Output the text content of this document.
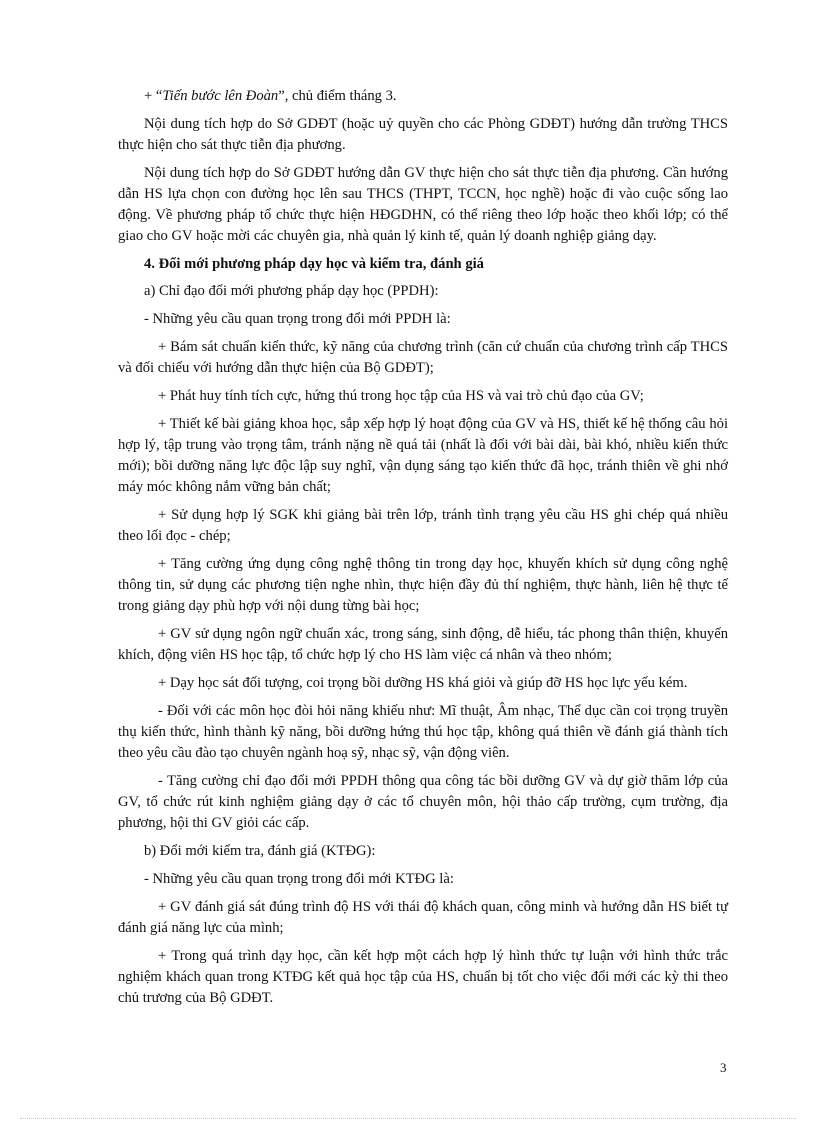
+ “Tiến bước lên Đoàn”, chủ điểm tháng 3.

Nội dung tích hợp do Sở GDĐT (hoặc uỷ quyền cho các Phòng GDĐT) hướng dẫn trường THCS thực hiện cho sát thực tiễn địa phương.

Nội dung tích hợp do Sở GDĐT hướng dẫn GV thực hiện cho sát thực tiễn địa phương. Cần hướng dẫn HS lựa chọn con đường học lên sau THCS (THPT, TCCN, học nghề) hoặc đi vào cuộc sống lao động. Về phương pháp tổ chức thực hiện HĐGDHN, có thể riêng theo lớp hoặc theo khối lớp; có thể giao cho GV hoặc mời các chuyên gia, nhà quản lý kinh tế, quản lý doanh nghiệp giảng dạy.

4. Đổi mới phương pháp dạy học và kiểm tra, đánh giá

a) Chỉ đạo đổi mới phương pháp dạy học (PPDH):

- Những yêu cầu quan trọng trong đổi mới PPDH là:

+ Bám sát chuẩn kiến thức, kỹ năng của chương trình (căn cứ chuẩn của chương trình cấp THCS và đối chiếu với hướng dẫn thực hiện của Bộ GDĐT);

+ Phát huy tính tích cực, hứng thú trong học tập của HS và vai trò chủ đạo của GV;

+ Thiết kế bài giảng khoa học, sắp xếp hợp lý hoạt động của GV và HS, thiết kế hệ thống câu hỏi hợp lý, tập trung vào trọng tâm, tránh nặng nề quá tải (nhất là đối với bài dài, bài khó, nhiều kiến thức mới); bồi dưỡng năng lực độc lập suy nghĩ, vận dụng sáng tạo kiến thức đã học, tránh thiên về ghi nhớ máy móc không nắm vững bản chất;

+ Sử dụng hợp lý SGK khi giảng bài trên lớp, tránh tình trạng yêu cầu HS ghi chép quá nhiều theo lối đọc - chép;

+ Tăng cường ứng dụng công nghệ thông tin trong dạy học, khuyến khích sử dụng công nghệ thông tin, sử dụng các phương tiện nghe nhìn, thực hiện đầy đủ thí nghiệm, thực hành, liên hệ thực tế trong giảng dạy phù hợp với nội dung từng bài học;

+ GV sử dụng ngôn ngữ chuẩn xác, trong sáng, sinh động, dễ hiểu, tác phong thân thiện, khuyến khích, động viên HS học tập, tổ chức hợp lý cho HS làm việc cá nhân và theo nhóm;

+ Dạy học sát đối tượng, coi trọng bồi dưỡng HS khá giỏi và giúp đỡ HS học lực yếu kém.

- Đối với các môn học đòi hỏi năng khiếu như: Mĩ thuật, Âm nhạc, Thể dục cần coi trọng truyền thụ kiến thức, hình thành kỹ năng, bồi dưỡng hứng thú học tập, không quá thiên về đánh giá thành tích theo yêu cầu đào tạo chuyên ngành hoạ sỹ, nhạc sỹ, vận động viên.

- Tăng cường chỉ đạo đổi mới PPDH thông qua công tác bồi dưỡng GV và dự giờ thăm lớp của GV, tổ chức rút kinh nghiệm giảng dạy ở các tổ chuyên môn, hội thảo cấp trường, cụm trường, địa phương, hội thi GV giỏi các cấp.

b) Đổi mới kiểm tra, đánh giá (KTĐG):

- Những yêu cầu quan trọng trong đổi mới KTĐG là:

+ GV đánh giá sát đúng trình độ HS với thái độ khách quan, công minh và hướng dẫn HS biết tự đánh giá năng lực của mình;

+ Trong quá trình dạy học, cần kết hợp một cách hợp lý hình thức tự luận với hình thức trắc nghiệm khách quan trong KTĐG kết quả học tập của HS, chuẩn bị tốt cho việc đổi mới các kỳ thi theo chủ trương của Bộ GDĐT.

3
